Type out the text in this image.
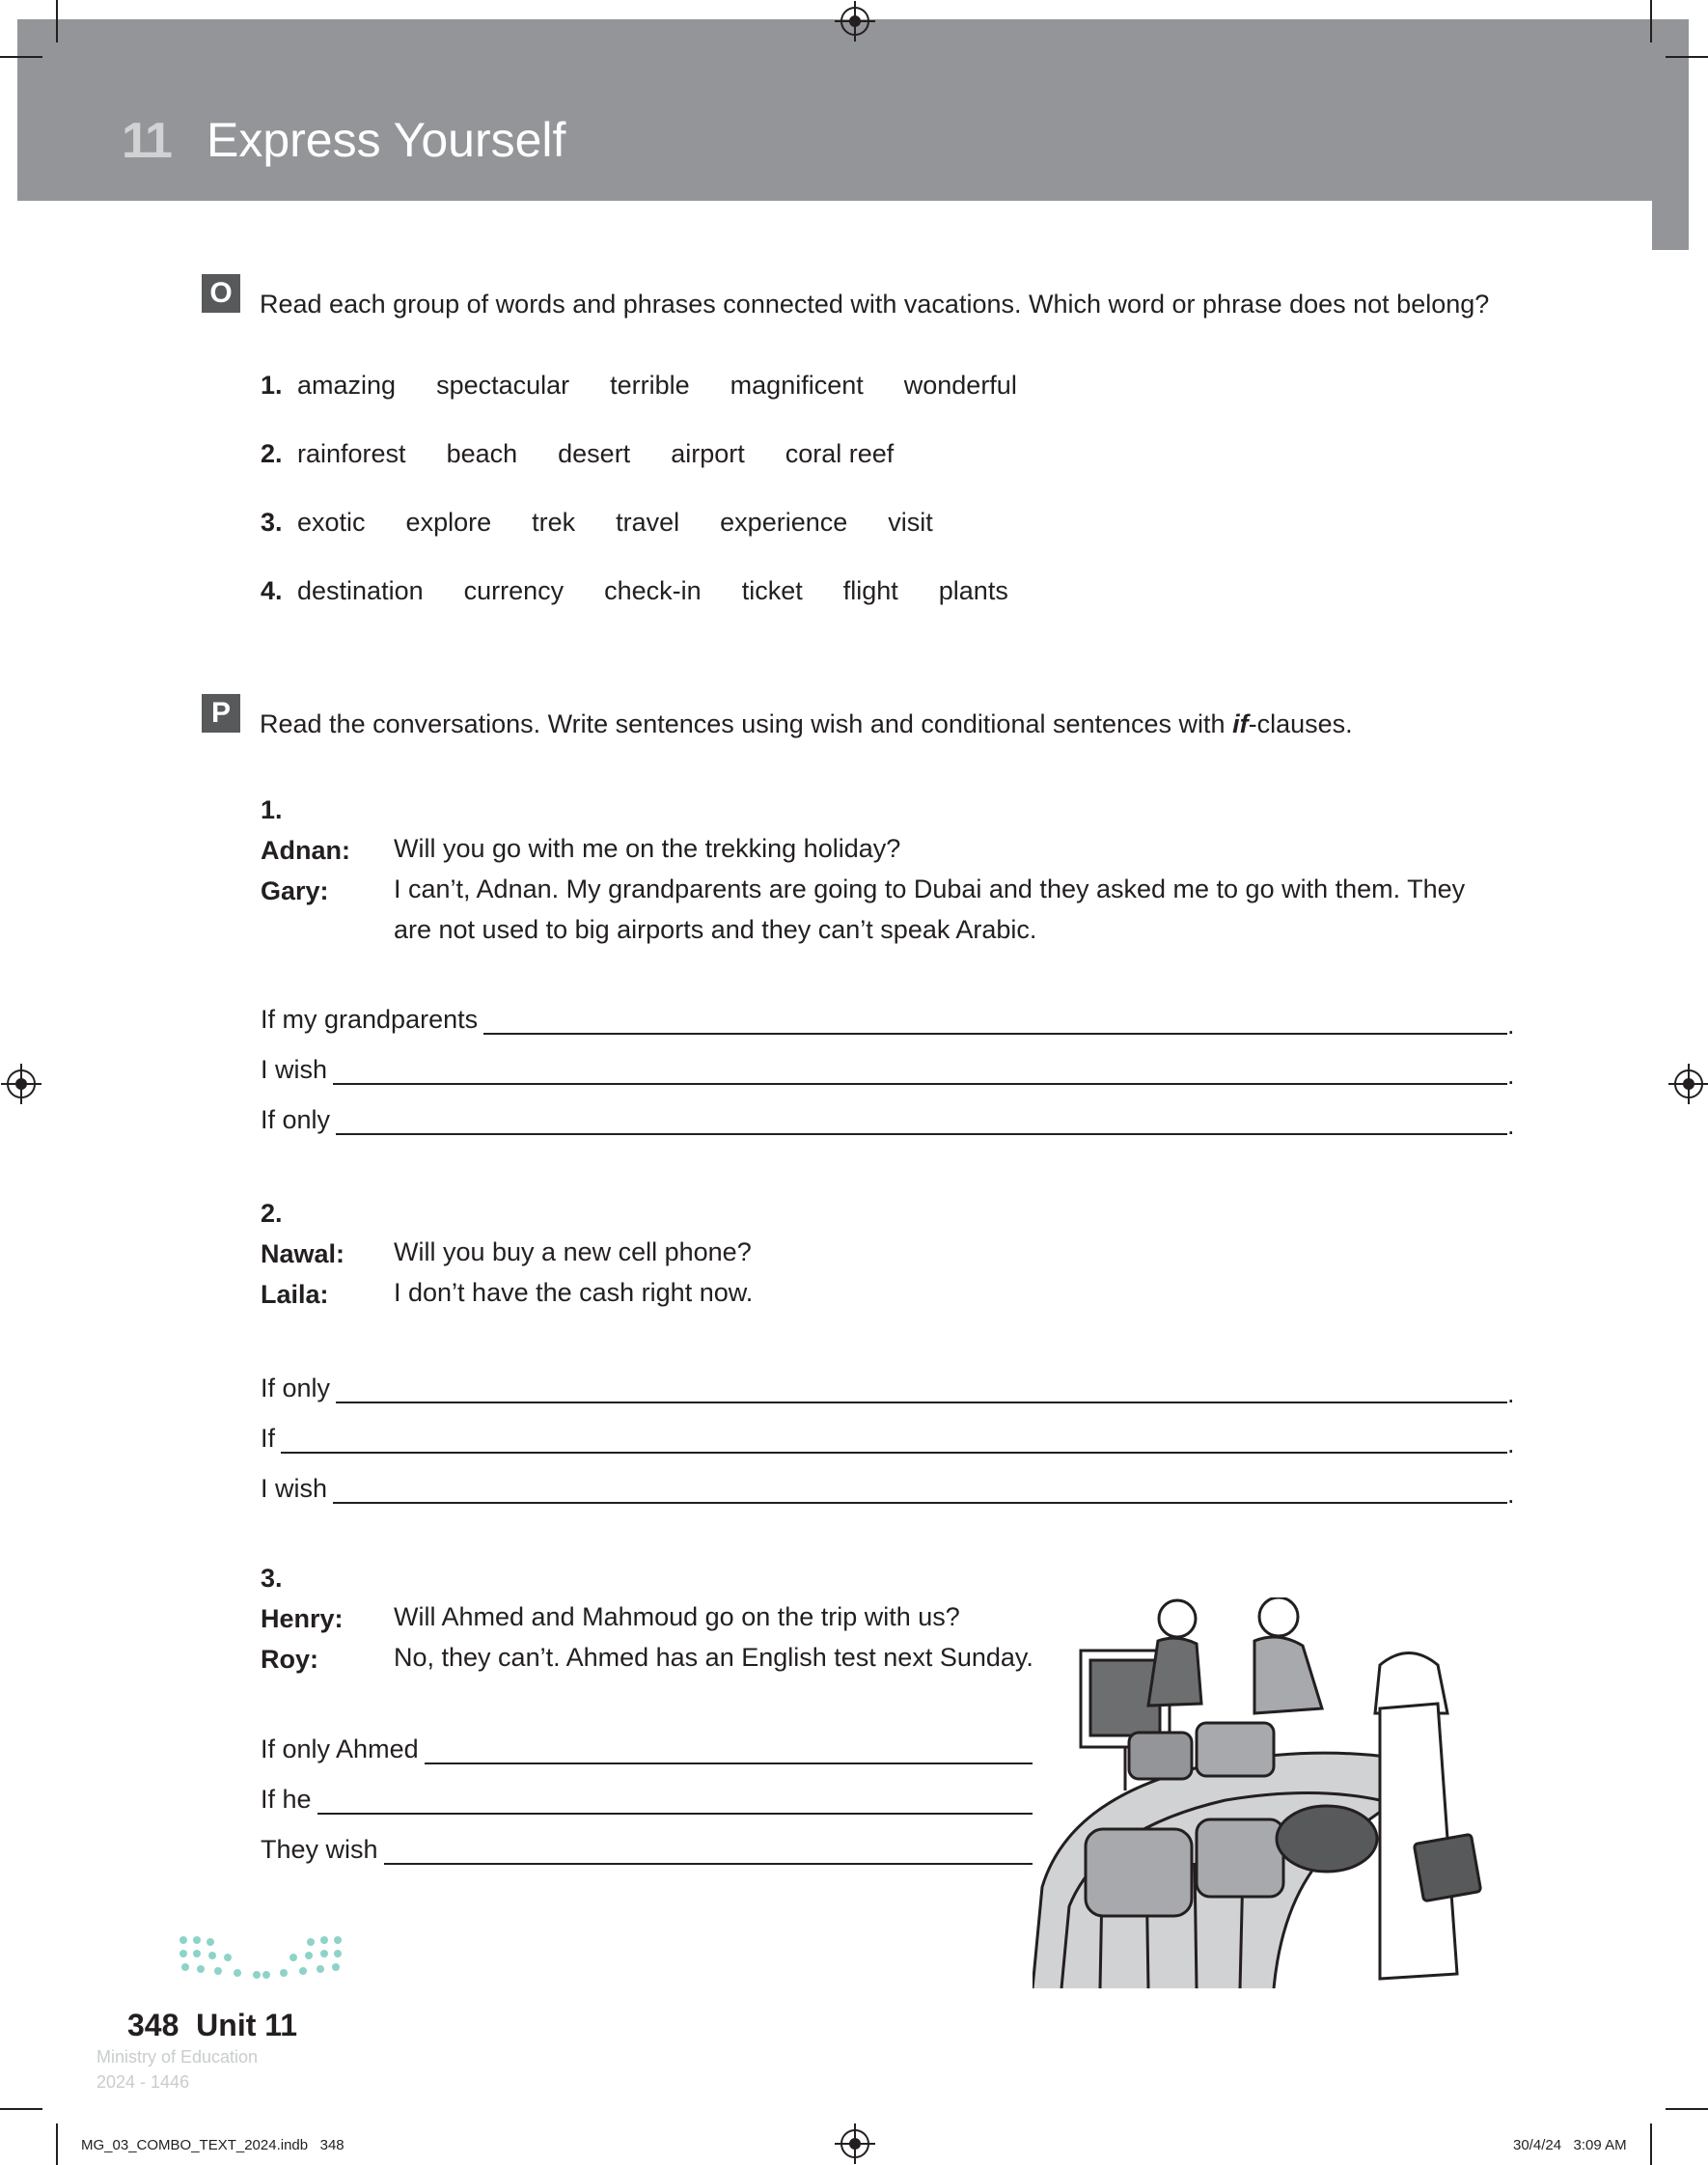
11 Express Yourself
O	Read each group of words and phrases connected with vacations. Which word or phrase does not belong?
1. amazing spectacular terrible magnificent wonderful
2. rainforest beach desert airport coral reef
3. exotic explore trek travel experience visit
4. destination currency check-in ticket flight plants
P	Read the conversations. Write sentences using wish and conditional sentences with if-clauses.
1.
Adnan: Will you go with me on the trekking holiday?
Gary: I can’t, Adnan. My grandparents are going to Dubai and they asked me to go with them. They are not used to big airports and they can’t speak Arabic.
If my grandparents	.
I wish	.
If only	.
2.
Nawal: Will you buy a new cell phone?
Laila: I don’t have the cash right now.
If only	.
If	.
I wish	.
3.
Henry: Will Ahmed and Mahmoud go on the trip with us?
Roy:	No, they can’t. Ahmed has an English test next Sunday.
If only Ahmed
If he
They wish
Ministry of Education
2024 - 1446
348  Unit 11
MG_03_COMBO_TEXT_2024.indb   348	30/4/24   3:09 AM
